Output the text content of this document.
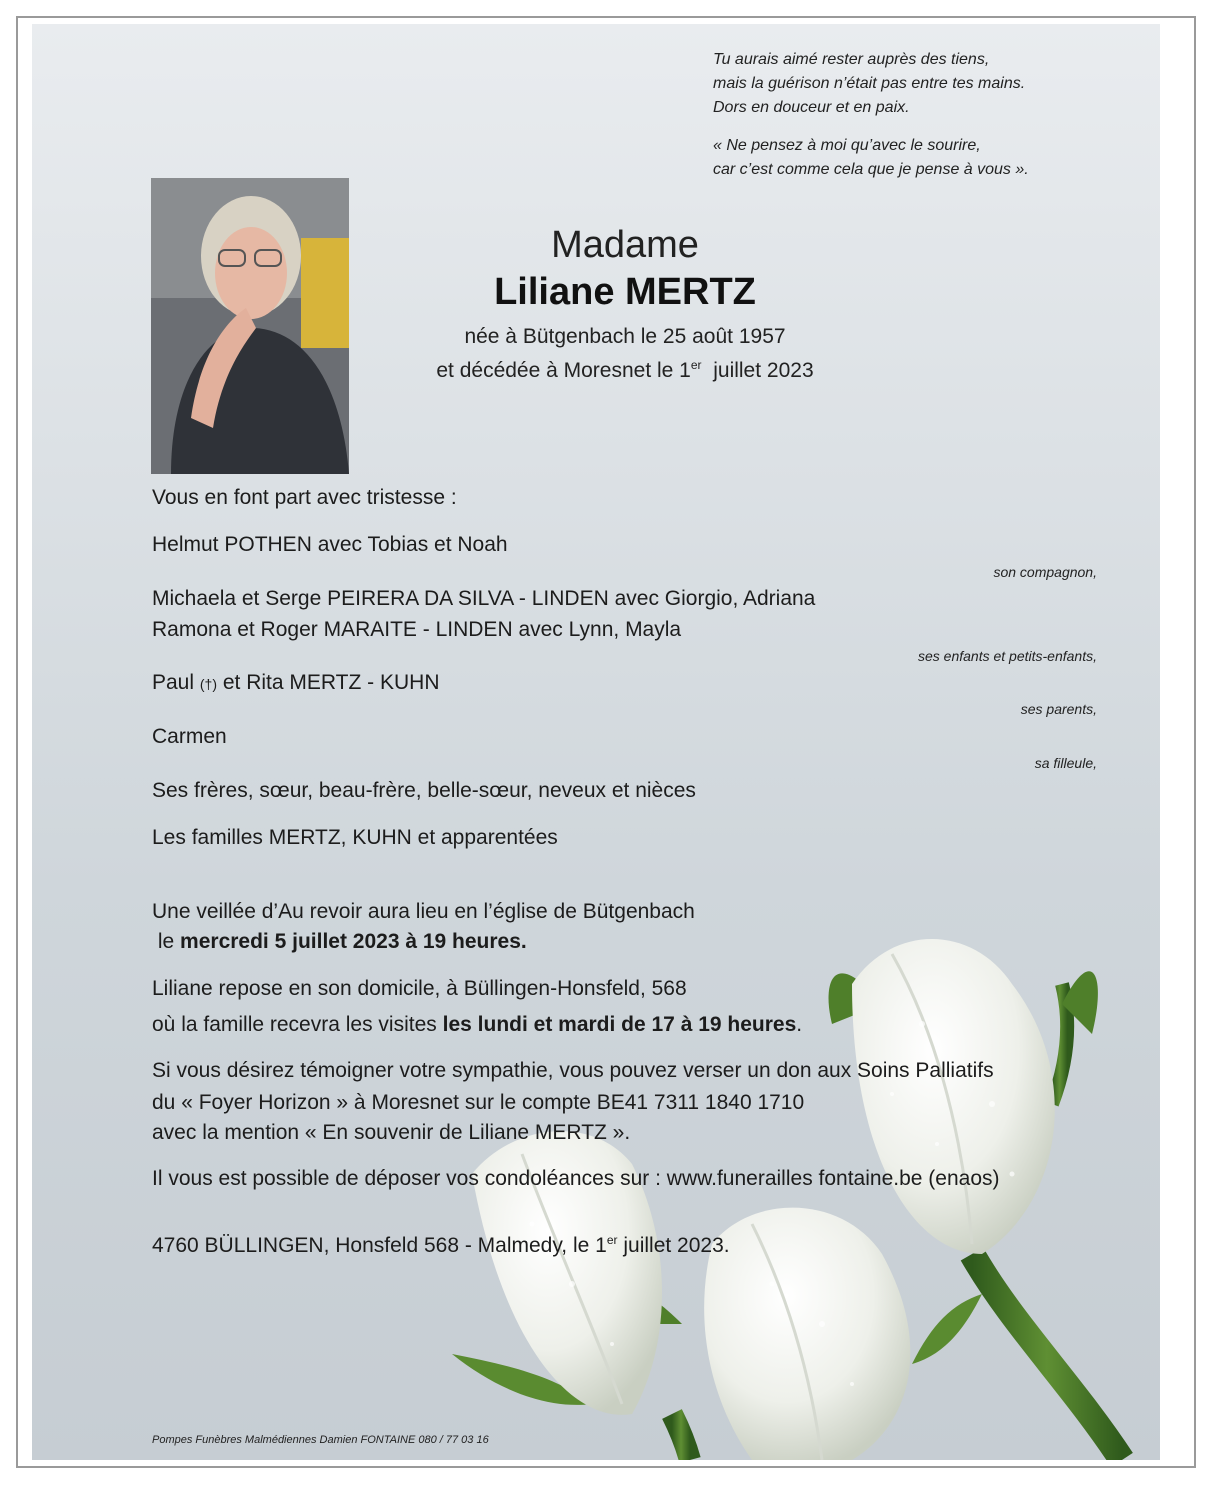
Tu aurais aimé rester auprès des tiens,
mais la guérison n’était pas entre tes mains.
Dors en douceur et en paix.

« Ne pensez à moi qu’avec le sourire,
car c’est comme cela que je pense à vous ».

Madame
Liliane MERTZ
née à Bütgenbach le 25 août 1957
et décédée à Moresnet le 1er juillet 2023
Vous en font part avec tristesse :
Helmut POTHEN avec Tobias et Noah
son compagnon,
Michaela et Serge PEIRERA DA SILVA - LINDEN avec Giorgio, Adriana
Ramona et Roger MARAITE - LINDEN avec Lynn, Mayla
ses enfants et petits-enfants,
Paul (†) et Rita MERTZ - KUHN
ses parents,
Carmen
sa filleule,
Ses frères, sœur, beau-frère, belle-sœur, neveux et nièces
Les familles MERTZ, KUHN et apparentées
Une veillée d’Au revoir aura lieu en l’église de Bütgenbach
le mercredi 5 juillet 2023 à 19 heures.
Liliane repose en son domicile, à Büllingen-Honsfeld, 568
où la famille recevra les visites les lundi et mardi de 17 à 19 heures.
Si vous désirez témoigner votre sympathie, vous pouvez verser un don aux Soins Palliatifs
du « Foyer Horizon » à Moresnet sur le compte BE41 7311 1840 1710
avec la mention « En souvenir de Liliane MERTZ ».
Il vous est possible de déposer vos condoléances sur : www.funerailles fontaine.be (enaos)
4760 BÜLLINGEN, Honsfeld 568 - Malmedy, le 1er juillet 2023.
Pompes Funèbres Malmédiennes Damien FONTAINE 080 / 77 03 16
